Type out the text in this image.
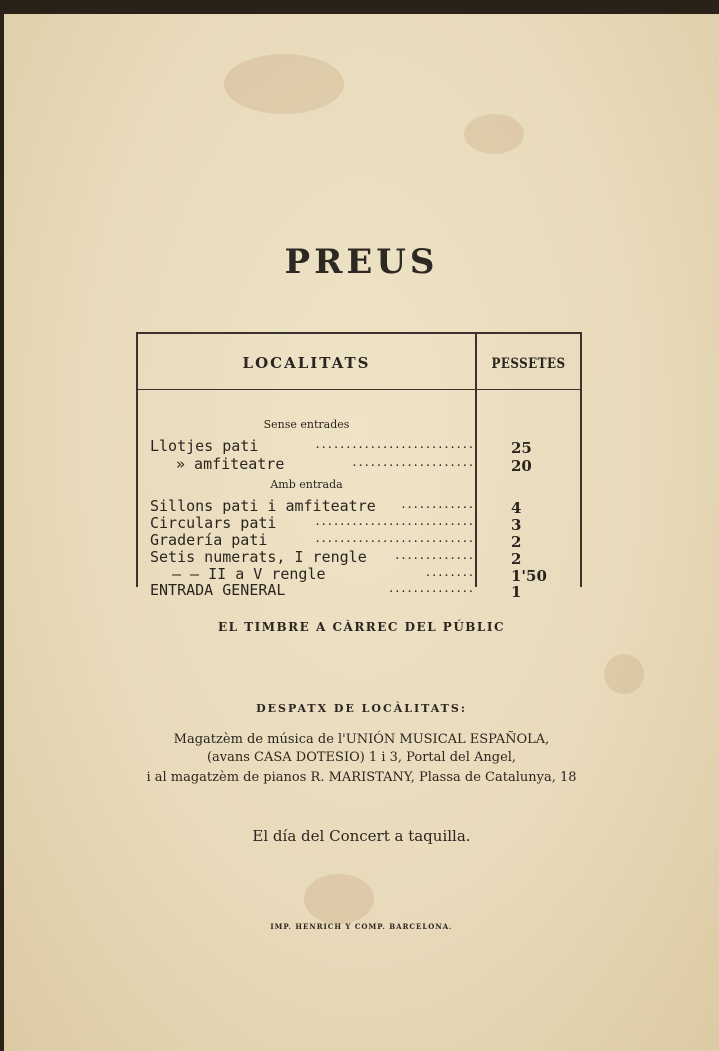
PREUS
LOCALITATS	PESSETES
Sense entrades
..........................
Llotjes pati	25
....................
» amfiteatre	20
Amb entrada
............
Sillons pati i amfiteatre	4
..........................
Circulars pati	3
..........................
Gradería pati	2
.............
Setis numerats, I rengle	2
........
— — II a V rengle	1'50
..............
ENTRADA GENERAL	1
EL TIMBRE A CÀRREC DEL PÚBLIC
DESPATX DE LOCÀLITATS:
Magatzèm de música de l'UNIÓN MUSICAL ESPAÑOLA,
(avans CASA DOTESIO) 1 i 3, Portal del Angel,
i al magatzèm de pianos R. MARISTANY, Plassa de Catalunya, 18
El día del Concert a taquilla.
IMP. HENRICH Y COMP. BARCELONA.
